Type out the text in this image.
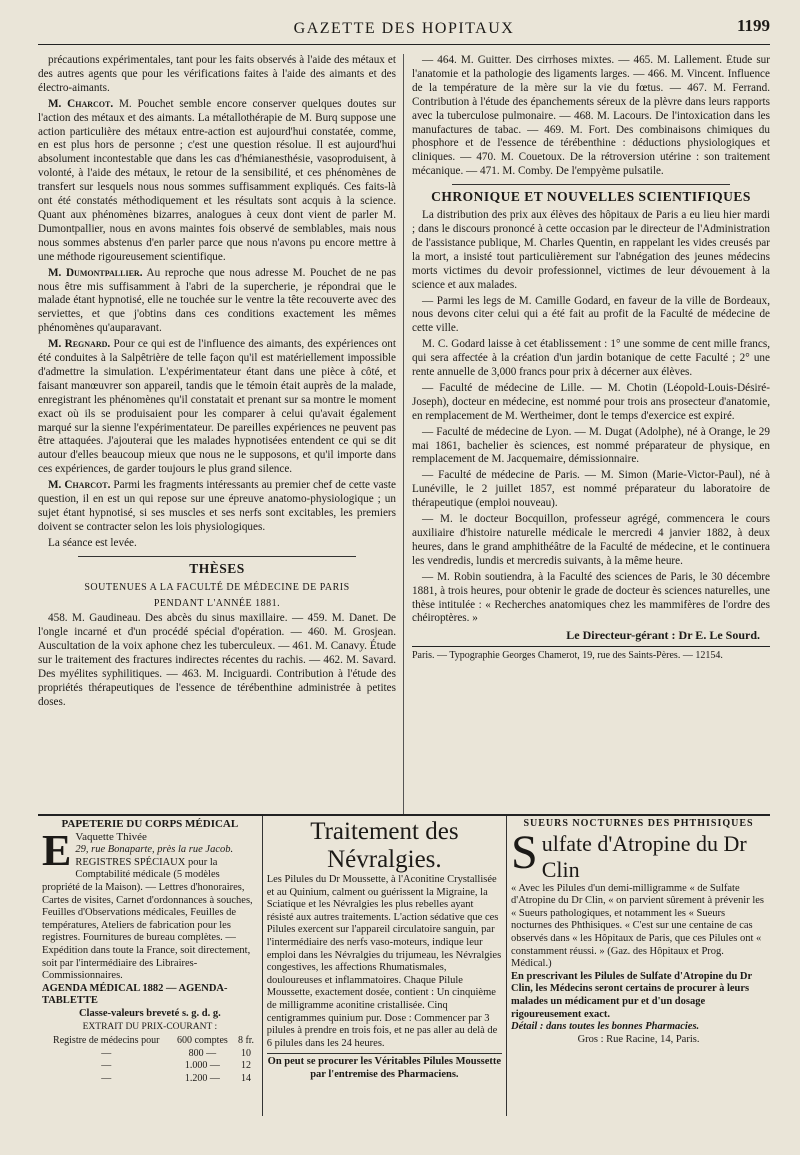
GAZETTE DES HOPITAUX	1199

précautions expérimentales, tant pour les faits observés à l'aide des métaux et des autres agents que pour les vérifications faites à l'aide des aimants et des électro-aimants.

M. Charcot. M. Pouchet semble encore conserver quelques doutes sur l'action des métaux et des aimants. La métallothérapie de M. Burq suppose une action particulière des métaux entre-action est aujourd'hui constatée, comme, en est plus hors de personne ; c'est une question résolue. Il est aujourd'hui absolument incontestable que dans les cas d'hémianesthésie, vasoproduisent, à volonté, à l'aide des métaux, le retour de la sensibilité, et ces phénomènes de transfert sur lesquels nous nous sommes suffisamment expliqués. Ces faits-là ont été constatés méthodiquement et les résultats sont acquis à la science. Quant aux phénomènes bizarres, analogues à ceux dont vient de parler M. Dumontpallier, nous en avons maintes fois observé de semblables, mais nous nous sommes abstenus d'en parler parce que nous n'avons pu encore mettre à une méthode rigoureusement scientifique.

M. Dumontpallier. Au reproche que nous adresse M. Pouchet de ne pas nous être mis suffisamment à l'abri de la supercherie, je répondrai que le malade étant hypnotisé, elle ne touchée sur le ventre la tête recouverte avec des serviettes, et que j'obtins dans ces conditions exactement les mêmes phénomènes qu'auparavant.

M. Regnard. Pour ce qui est de l'influence des aimants, des expériences ont été conduites à la Salpêtrière de telle façon qu'il est matériellement impossible d'admettre la simulation. L'expérimentateur étant dans une pièce à côté, et faisant manœuvrer son appareil, tandis que le témoin était auprès de la malade, enregistrant les phénomènes qu'il constatait et prenant sur sa montre le moment exact où ils se produisaient pour les comparer à celui qu'avait également marqué sur la sienne l'expérimentateur. De pareilles expériences ne peuvent pas être attaquées. J'ajouterai que les malades hypnotisées entendent ce qui se dit autour d'elles beaucoup mieux que nous ne le supposons, et qu'il importe dans ces expériences, de garder toujours le plus grand silence.

M. Charcot. Parmi les fragments intéressants au premier chef de cette vaste question, il en est un qui repose sur une épreuve anatomo-physiologique ; un sujet étant hypnotisé, si ses muscles et ses nerfs sont excitables, les premiers doivent se contracter selon les lois physiologiques.

La séance est levée.

THÈSES

SOUTENUES A LA FACULTÉ DE MÉDECINE DE PARIS

PENDANT L'ANNÉE 1881.

458. M. Gaudineau. Des abcès du sinus maxillaire. — 459. M. Danet. De l'ongle incarné et d'un procédé spécial d'opération. — 460. M. Grosjean. Auscultation de la voix aphone chez les tuberculeux. — 461. M. Canavy. Étude sur le traitement des fractures indirectes récentes du rachis. — 462. M. Savard. Des myélites syphilitiques. — 463. M. Inciguardi. Contribution à l'étude des propriétés thérapeutiques de l'essence de térébenthine administrée à petites doses.

— 464. M. Guitter. Des cirrhoses mixtes. — 465. M. Lallement. Étude sur l'anatomie et la pathologie des ligaments larges. — 466. M. Vincent. Influence de la température de la mère sur la vie du fœtus. — 467. M. Ferrand. Contribution à l'étude des épanchements séreux de la plèvre dans leurs rapports avec la tuberculose pulmonaire. — 468. M. Lacours. De l'intoxication dans les manufactures de tabac. — 469. M. Fort. Des combinaisons chimiques du phosphore et de l'essence de térébenthine : déductions physiologiques et cliniques. — 470. M. Couetoux. De la rétroversion utérine : son traitement mécanique. — 471. M. Comby. De l'empyème pulsatile.

CHRONIQUE ET NOUVELLES SCIENTIFIQUES

La distribution des prix aux élèves des hôpitaux de Paris a eu lieu hier mardi ; dans le discours prononcé à cette occasion par le directeur de l'Administration de l'assistance publique, M. Charles Quentin, en rappelant les vides creusés par la mort, a insisté tout particulièrement sur l'abnégation des jeunes médecins morts victimes du devoir professionnel, victimes de leur dévouement à la science et aux malades.

— Parmi les legs de M. Camille Godard, en faveur de la ville de Bordeaux, nous devons citer celui qui a été fait au profit de la Faculté de médecine de cette ville.

M. C. Godard laisse à cet établissement : 1° une somme de cent mille francs, qui sera affectée à la création d'un jardin botanique de cette Faculté ; 2° une rente annuelle de 3,000 francs pour prix à décerner aux élèves.

— Faculté de médecine de Lille. — M. Chotin (Léopold-Louis-Désiré-Joseph), docteur en médecine, est nommé pour trois ans prosecteur d'anatomie, en remplacement de M. Wertheimer, dont le temps d'exercice est expiré.

— Faculté de médecine de Lyon. — M. Dugat (Adolphe), né à Orange, le 29 mai 1861, bachelier ès sciences, est nommé préparateur de physique, en remplacement de M. Jacquemaire, démissionnaire.

— Faculté de médecine de Paris. — M. Simon (Marie-Victor-Paul), né à Lunéville, le 2 juillet 1857, est nommé préparateur du laboratoire de thérapeutique (emploi nouveau).

— M. le docteur Bocquillon, professeur agrégé, commencera le cours auxiliaire d'histoire naturelle médicale le mercredi 4 janvier 1882, à deux heures, dans le grand amphithéâtre de la Faculté de médecine, et le continuera les vendredis, lundis et mercredis suivants, à la même heure.

— M. Robin soutiendra, à la Faculté des sciences de Paris, le 30 décembre 1881, à trois heures, pour obtenir le grade de docteur ès sciences naturelles, une thèse intitulée : « Recherches anatomiques chez les mammifères de l'ordre des chéiroptères. »

Le Directeur-gérant : Dr E. Le Sourd.

Paris. — Typographie Georges Chamerot, 19, rue des Saints-Pères. — 12154.

PAPETERIE DU CORPS MÉDICAL
E Vaquette Thivée
29, rue Bonaparte, près la rue Jacob.
REGISTRES SPÉCIAUX pour la Comptabilité médicale (5 modèles propriété de la Maison). — Lettres d'honoraires, Cartes de visites, Carnet d'ordonnances à souches, Feuilles d'Observations médicales, Feuilles de températures, Ateliers de fabrication pour les registres. Fournitures de bureau complètes. — Expédition dans toute la France, soit directement, soit par l'intermédiaire des Libraires-Commissionnaires.
AGENDA MÉDICAL 1882 — AGENDA-TABLETTE
Classe-valeurs breveté s. g. d. g.
EXTRAIT DU PRIX-COURANT :
Registre de médecins pour	600 comptes	8 fr.
—	800 —	10
—	1.000 —	12
—	1.200 —	14
Traitement des Névralgies.
Les Pilules du Dr Moussette, à l'Aconitine Crystallisée et au Quinium, calment ou guérissent la Migraine, la Sciatique et les Névralgies les plus rebelles ayant résisté aux autres traitements. L'action sédative que ces Pilules exercent sur l'appareil circulatoire sanguin, par l'intermédiaire des nerfs vaso-moteurs, indique leur emploi dans les Névralgies du trijumeau, les Névralgies congestives, les affections Rhumatismales, douloureuses et inflammatoires. Chaque Pilule Moussette, exactement dosée, contient : Un cinquième de milligramme aconitine cristallisée. Cinq centigrammes quinium pur. Dose : Commencer par 3 pilules à prendre en trois fois, et ne pas aller au delà de 6 pilules dans les 24 heures.
On peut se procurer les Véritables Pilules Moussette par l'entremise des Pharmaciens.
SUEURS NOCTURNES DES PHTHISIQUES
Sulfate d'Atropine du Dr Clin
« Avec les Pilules d'un demi-milligramme « de Sulfate d'Atropine du Dr Clin, « on parvient sûrement à prévenir les « Sueurs pathologiques, et notamment les « Sueurs nocturnes des Phthisiques. « C'est sur une centaine de cas observés dans « les Hôpitaux de Paris, que ces Pilules ont « constamment réussi. » (Gaz. des Hôpitaux et Prog. Médical.)
En prescrivant les Pilules de Sulfate d'Atropine du Dr Clin, les Médecins seront certains de procurer à leurs malades un médicament pur et d'un dosage rigoureusement exact.
Détail : dans toutes les bonnes Pharmacies.
Gros : Rue Racine, 14, Paris.
